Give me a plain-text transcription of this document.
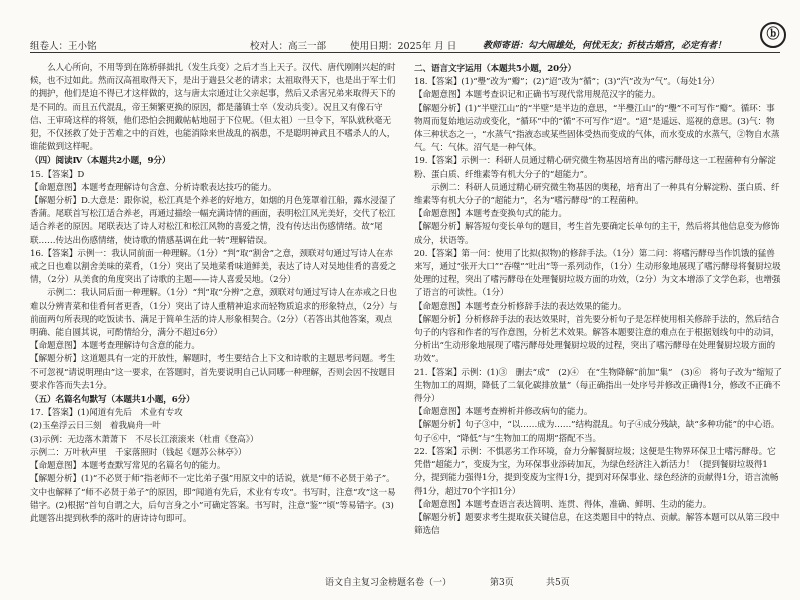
组卷人：王小铭	校对人：高三一部	使用日期：2025年 月 日	教师寄语：勾大闹雄处，何忧无友；折枝古婚宫，必定有者！
ⓑ

么人心所向，不用等到在陈桥驿拙扎（发生兵变）之后才当上天子。汉代、唐代刚刚兴起的时候，也不过如此。然而汉高祖取得天下，是出于遄县父老的请求；太祖取得天下，也是出于军士们的拥护，他们是迫不得已才这样做的，这与唐太宗通过让父亲起事，然后又杀害兄弟来取得天下的是不同的。而且五代混乱，帝王频繁更换的原因，都是藩镇士卒（发动兵变）。况且又有像石守信、王审琦这样的将领，他们恐怕会拥戴帖帖地屈于下位呢。（但太祖）一旦令下，军队就秋毫无犯，不仅拯救了处于苦难之中的百姓，也能消除来世战乱的祸患，不是聪明神武且不嗜杀人的人，谁能做到这样呢。

（四）阅读Ⅳ（本题共2小题，9分）

15.【答案】D

【命题意图】本题考查理解诗句含意、分析诗歌表达技巧的能力。

【解题分析】D.大意是：跟你说，松江真是个养老的好地方，如烟的月色笼罩着江船，露水浸湿了香蒲。尾联首写松江适合养老，再通过描绘一幅充满诗情的画面，表明松江风光美好，交代了松江适合养老的原因。尾联表达了诗人对松江和松江风物的喜爱之情，没有传达出伤感情绪。故“尾联……传达出伤感情绪，使诗歌的情感基调在此一转”理解错误。

16.【答案】示例一：我认同前面一种理解。（1分）“判”取“割舍”之意，颈联对句通过写诗人在赤戒之日也难以割舍美味的菜肴，（1分）突出了吴地菜肴味道鲜美，表达了诗人对吴地佳肴的喜爱之情，（2分）从美食的角度突出了诗歌的主题——诗人喜爱吴地。（2分）

示例二：我认同后面一种理解。（1分）“判”取“分辨”之意，颈联对句通过写诗人在赤戒之日也难以分辨青菜和佳肴何者更香，（1分）突出了诗人重精神追求而轻物质追求的形象特点，（2分）与前面两句所表现的吃饭读书、满足于简单生活的诗人形象相契合。（2分）（若答出其他答案，观点明确、能自圆其说，可酌情给分，满分不超过6分）

【命题意图】本题考查理解诗句含意的能力。

【解题分析】这道题具有一定的开放性，解题时，考生要结合上下文和诗歌的主题思考问题。考生不可忽视“请说明理由”这一要求，在答题时，首先要说明自己认同哪一种理解，否则会因不按题目要求作答而失去1分。

（五）名篇名句默写（本题共1小题，6分）

17.【答案】(1)闻道有先后　术业有专攻

(2)玉垒浮云日三刻　着我扁舟一叶

(3)示例：无边落木萧萧下　不尽长江滚滚来（杜甫《登高》）

示例二：万叶秋声里　千家落照时（钱起《题苏公林亭》）

【命题意图】本题考查默写常见的名篇名句的能力。

【解题分析】(1)“不必贤于师”指老师不一定比弟子强”用原文中的话说，就是“师不必贤于弟子”。文中也解释了“师不必贤于弟子”的原因，即“闻道有先后，术业有专攻”。书写时，注意“攻”这一易错字。(2)根据“首句自谓之大，后句言身之小”可确定答案。书写时，注意“鉴”“顷”等易错字。(3)此题答出提到秋季的落叶的唐诗诗句即可。

二、语言文字运用（本题共5小题，20分）

18.【答案】(1)“璺”改为“瓣”；(2)“迢”改为“循”；(3)“汽”改为“气”。（每处1分）

【命题意图】本题考查识记和正确书写现代常用规范汉字的能力。

【解题分析】(1)“半壁江山”的“半壁”是半边的意思，“半璺江山”的“璺”不可写作“瓣”。循环：事物周而复始地运动或变化，“循环”中的“循”不可写作“迢”。“迢”是遥远、巡视的意思。(3)气：物体三种状态之一，“水蒸气”指液态或某些固体受热而变成的气体，而水变成的水蒸气，②物自水蒸气。气：气体。沼气是一种气体。

19.【答案】示例一：科研人员通过精心研究微生物基因培育出的嗜污酵母这一工程菌种有分解淀粉、蛋白质、纤维素等有机大分子的“超能力”。

示例二：科研人员通过精心研究微生物基因的奥秘，培育出了一种具有分解淀粉、蛋白质、纤维素等有机大分子的“超能力”，名为“嗜污酵母”的工程菌种。

【命题意图】本题考查变换句式的能力。

【解题分析】解答短句变长单句的题目，考生首先要确定长单句的主干，然后将其他信息变为修饰成分，状语等。

20.【答案】第一问：使用了比拟(拟物)的修辞手法。（1分）第二问：将嗜污酵母当作饥饿的猛兽来写，通过“张开大口”“吞噬”“吐出”等一系列动作，（1分）生动形象地展现了嗜污酵母将餐厨垃圾处理的过程，突出了嗜污酵母在处理餐厨垃圾方面的功效，（2分）为文本增添了文学色彩，也增强了语言的可读性。（1分）

【命题意图】本题考查分析修辞手法的表达效果的能力。

【解题分析】分析修辞手法的表达效果时，首先要分析句子是怎样使用相关修辞手法的，然后结合句子的内容和作者的写作意图，分析艺术效果。解答本题要注意的难点在于根据划线句中的动词，分析出“生动形象地展现了嗜污酵母处理餐厨垃圾的过程，突出了嗜污酵母在处理餐厨垃圾方面的功效”。

21.【答案】示例：(1)③　删去“成”　(2)④　在“生物降解”前加“集”　(3)⑥　将句子改为“缩短了生物加工的周期，降低了二氧化碳排放量”（每正确指出一处序号并修改正确得1分，修改不正确不得分）

【命题意图】本题考查辨析并修改病句的能力。

【解题分析】句子③中，“以……成为……”结构混乱。句子④成分残缺，缺“多种功能”的中心语。句子⑥中，“降低”与“生物加工的周期”搭配不当。

22.【答案】示例：不惧恶劣工作环境，奋力分解餐厨垃圾；这便是生物界环保卫士嗜污酵母。它凭借“超能力”，变废为宝，为环保事业添砖加瓦，为绿色经济注入新活力！（提到餐厨垃圾得1分，提到能力强得1分，提到变废为宝得1分，提到对环保事业、绿色经济的贡献得1分，语言流畅得1分，超过70个字扣1分）

【命题意图】本题考查语言表达简明、连贯、得体，准确、鲜明、生动的能力。

【解题分析】题要求考生提取获关键信息，在这类题目中的特点、贡献。解答本题可以从第三段中筛选信

语文自主复习金榜题名卷（一）	第3页	共5页
